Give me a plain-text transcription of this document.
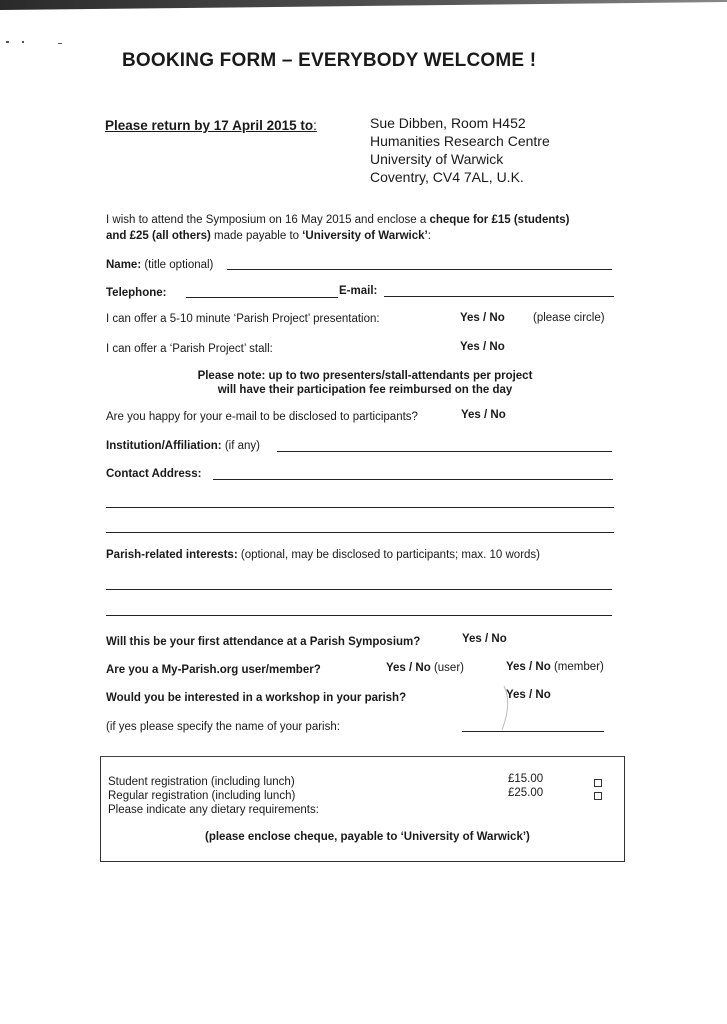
BOOKING FORM – EVERYBODY WELCOME !
Please return by 17 April 2015 to:	Sue Dibben, Room H452
Humanities Research Centre
University of Warwick
Coventry, CV4 7AL, U.K.
I wish to attend the Symposium on 16 May 2015 and enclose a cheque for £15 (students)
and £25 (all others) made payable to ‘University of Warwick’:
Name: (title optional)
Telephone:	E-mail:
I can offer a 5-10 minute ‘Parish Project’ presentation:	Yes / No (please circle)
I can offer a ‘Parish Project’ stall:	Yes / No
Please note: up to two presenters/stall-attendants per project
will have their participation fee reimbursed on the day
Are you happy for your e-mail to be disclosed to participants?	Yes / No
Institution/Affiliation: (if any)
Contact Address:
Parish-related interests: (optional, may be disclosed to participants; max. 10 words)
Will this be your first attendance at a Parish Symposium?	Yes / No
Are you a My-Parish.org user/member?	Yes / No (user)	Yes / No (member)
Would you be interested in a workshop in your parish?	Yes / No
(if yes please specify the name of your parish:
Student registration (including lunch)	£15.00
Regular registration (including lunch)	£25.00
Please indicate any dietary requirements:
(please enclose cheque, payable to ‘University of Warwick’)
